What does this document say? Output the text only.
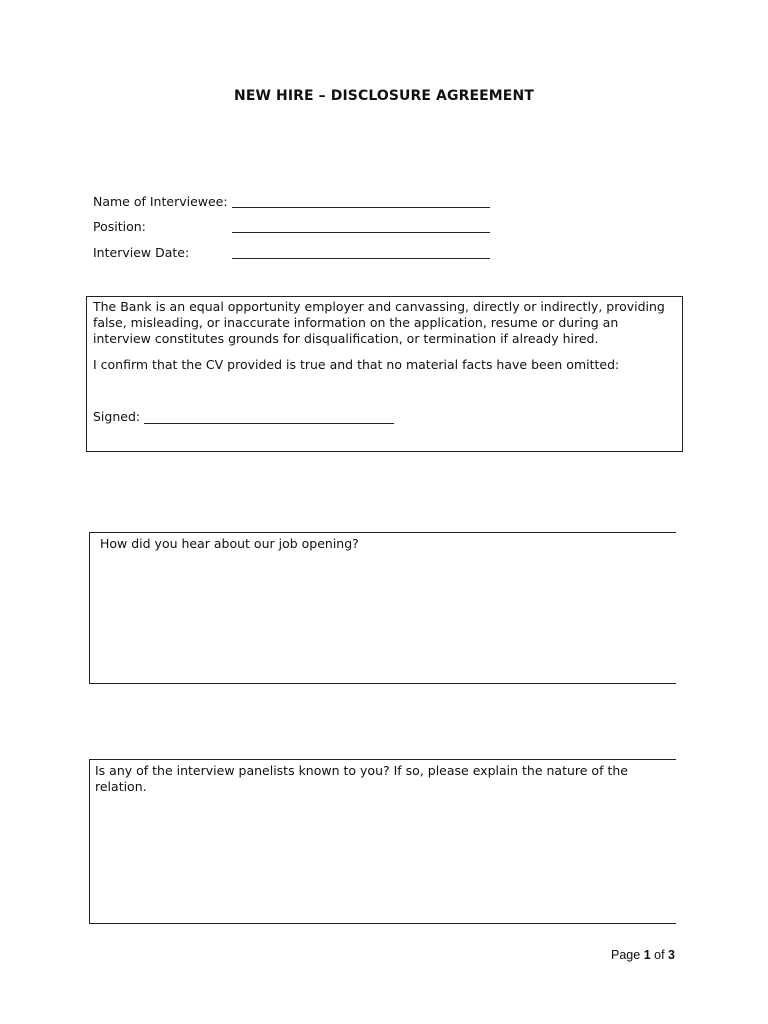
NEW HIRE – DISCLOSURE AGREEMENT
Name of Interviewee:
Position:
Interview Date:

The Bank is an equal opportunity employer and canvassing, directly or indirectly, providing false, misleading, or inaccurate information on the application, resume or during an interview constitutes grounds for disqualification, or termination if already hired.

I confirm that the CV provided is true and that no material facts have been omitted:

Signed:
How did you hear about our job opening?
Is any of the interview panelists known to you? If so, please explain the nature of the relation.
Page 1 of 3
